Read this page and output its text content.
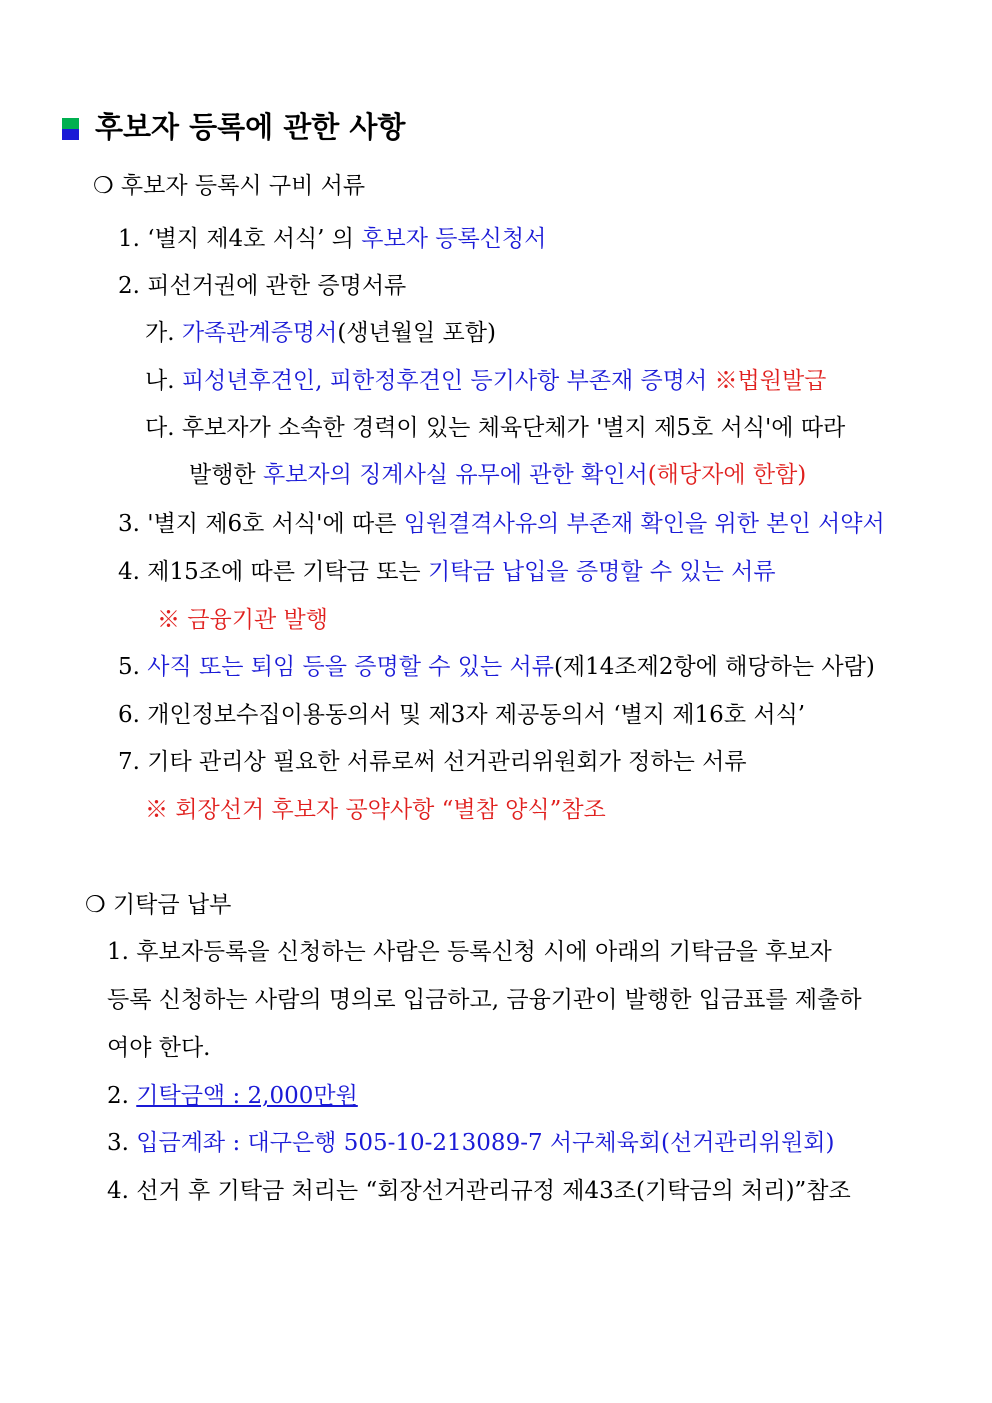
후보자 등록에 관한 사항
❍ 후보자 등록시 구비 서류
1. ‘별지 제4호 서식’ 의 후보자 등록신청서
2. 피선거권에 관한 증명서류
가. 가족관계증명서(생년월일 포함)
나. 피성년후견인, 피한정후견인 등기사항 부존재 증명서 ※법원발급
다. 후보자가 소속한 경력이 있는 체육단체가 '별지 제5호 서식'에 따라
발행한 후보자의 징계사실 유무에 관한 확인서(해당자에 한함)
3. '별지 제6호 서식'에 따른 임원결격사유의 부존재 확인을 위한 본인 서약서
4. 제15조에 따른 기탁금 또는 기탁금 납입을 증명할 수 있는 서류
※ 금융기관 발행
5. 사직 또는 퇴임 등을 증명할 수 있는 서류(제14조제2항에 해당하는 사람)
6. 개인정보수집이용동의서 및 제3자 제공동의서 ‘별지 제16호 서식’
7. 기타 관리상 필요한 서류로써 선거관리위원회가 정하는 서류
※ 회장선거 후보자 공약사항 “별참 양식”참조
❍ 기탁금 납부
1. 후보자등록을 신청하는 사람은 등록신청 시에 아래의 기탁금을 후보자
등록 신청하는 사람의 명의로 입금하고, 금융기관이 발행한 입금표를 제출하
여야 한다.
2. 기탁금액 : 2,000만원
3. 입금계좌 : 대구은행 505-10-213089-7 서구체육회(선거관리위원회)
4. 선거 후 기탁금 처리는 “회장선거관리규정 제43조(기탁금의 처리)”참조
